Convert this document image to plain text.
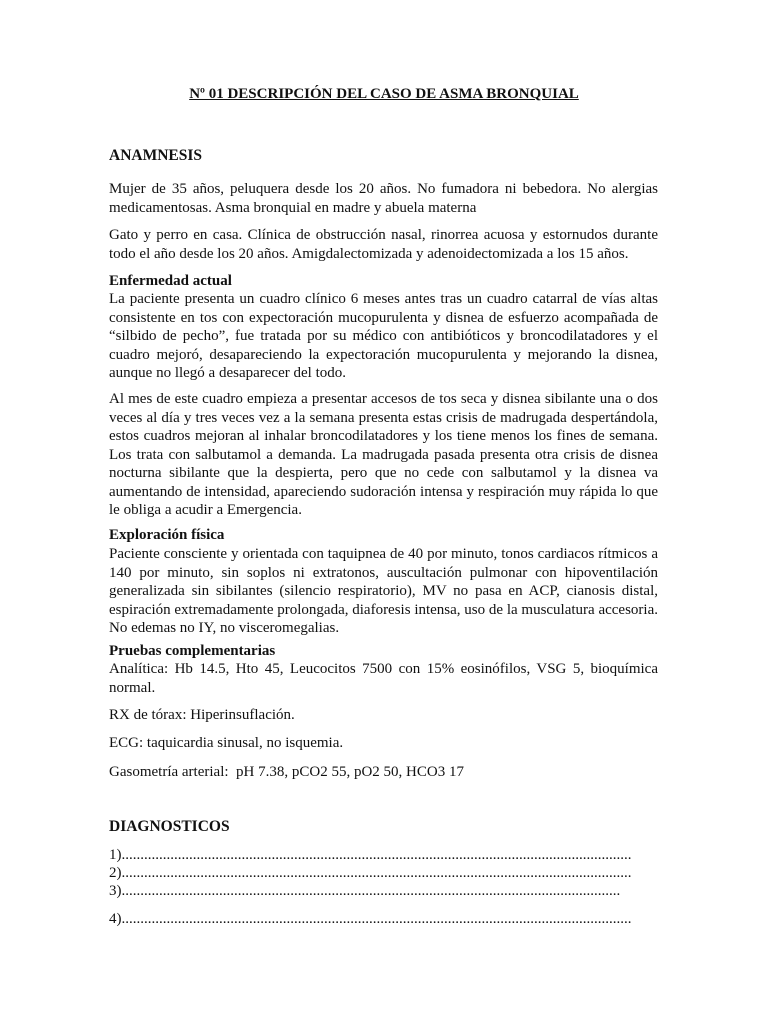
Nº 01 DESCRIPCIÓN DEL CASO DE ASMA BRONQUIAL
ANAMNESIS

Mujer de 35 años, peluquera desde los 20 años. No fumadora ni bebedora. No alergias medicamentosas. Asma bronquial en madre y abuela materna

Gato y perro en casa. Clínica de obstrucción nasal, rinorrea acuosa y estornudos durante todo el año desde los 20 años. Amigdalectomizada y adenoidectomizada a los 15 años.

Enfermedad actual

La paciente presenta un cuadro clínico 6 meses antes tras un cuadro catarral de vías altas consistente en tos con expectoración mucopurulenta y disnea de esfuerzo acompañada de “silbido de pecho”, fue tratada por su médico con antibióticos y broncodilatadores y el cuadro mejoró, desapareciendo la expectoración mucopurulenta y mejorando la disnea, aunque no llegó a desaparecer del todo.

Al mes de este cuadro empieza a presentar accesos de tos seca y disnea sibilante una o dos veces al día y tres veces vez a la semana presenta estas crisis de madrugada despertándola, estos cuadros mejoran al inhalar broncodilatadores y los tiene menos los fines de semana. Los trata con salbutamol a demanda. La madrugada pasada presenta otra crisis de disnea nocturna sibilante que la despierta, pero que no cede con salbutamol y la disnea va aumentando de intensidad, apareciendo sudoración intensa y respiración muy rápida lo que le obliga a acudir a Emergencia.

Exploración física

Paciente consciente y orientada con taquipnea de 40 por minuto, tonos cardiacos rítmicos a 140 por minuto, sin soplos ni extratonos, auscultación pulmonar con hipoventilación generalizada sin sibilantes (silencio respiratorio), MV no pasa en ACP, cianosis distal, espiración extremadamente prolongada, diaforesis intensa, uso de la musculatura accesoria. No edemas no IY, no visceromegalias.

Pruebas complementarias

Analítica: Hb 14.5, Hto 45, Leucocitos 7500 con 15% eosinófilos, VSG 5, bioquímica normal.

RX de tórax: Hiperinsuflación.

ECG: taquicardia sinusal, no isquemia.

Gasometría arterial:  pH 7.38, pCO2 55, pO2 50, HCO3 17

DIAGNOSTICOS
1)........................................................................................................................................
2)........................................................................................................................................
3).....................................................................................................................................
4)........................................................................................................................................
